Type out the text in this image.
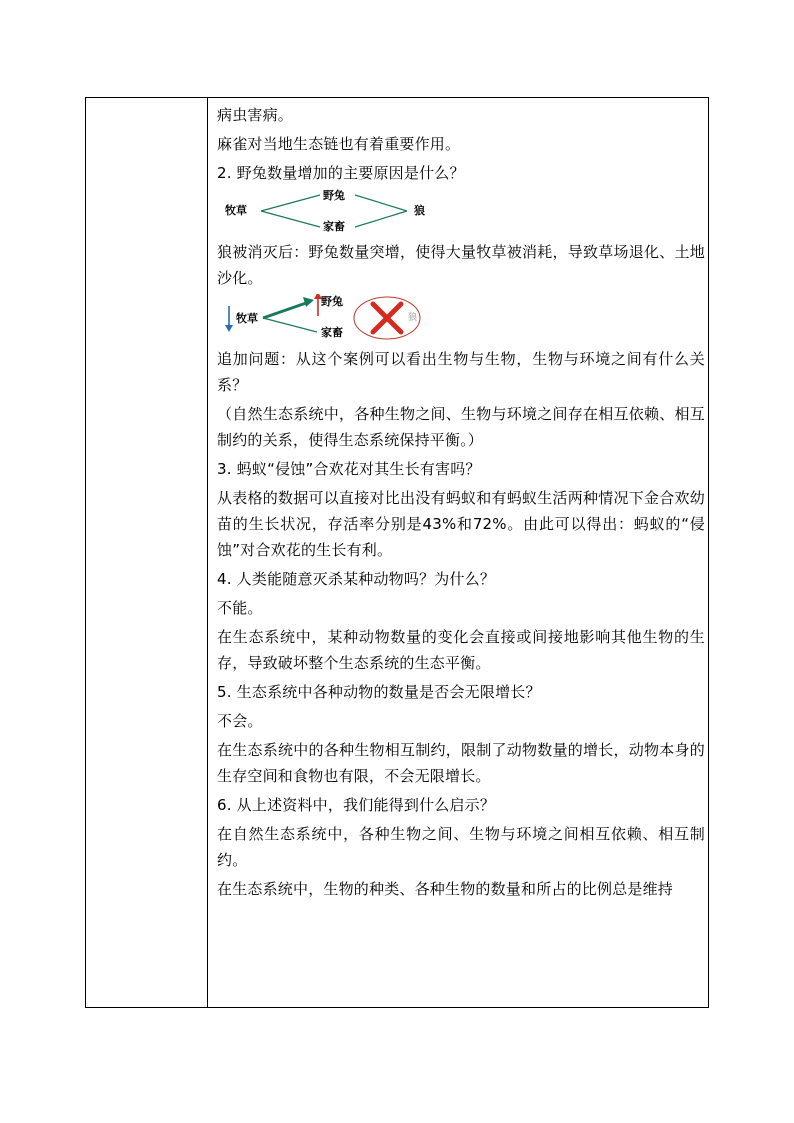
病虫害病。

麻雀对当地生态链也有着重要作用。

2. 野兔数量增加的主要原因是什么？

牧草
野兔
家畜
狼

狼被消灭后：野兔数量突增，使得大量牧草被消耗，导致草场退化、土地沙化。

牧草
野兔
家畜
狼

追加问题：从这个案例可以看出生物与生物，生物与环境之间有什么关系？

（自然生态系统中，各种生物之间、生物与环境之间存在相互依赖、相互制约的关系，使得生态系统保持平衡。）

3. 蚂蚁“侵蚀”合欢花对其生长有害吗？

从表格的数据可以直接对比出没有蚂蚁和有蚂蚁生活两种情况下金合欢幼苗的生长状况，存活率分别是43%和72%。由此可以得出：蚂蚁的“侵蚀”对合欢花的生长有利。

4. 人类能随意灭杀某种动物吗？为什么？

不能。

在生态系统中，某种动物数量的变化会直接或间接地影响其他生物的生存，导致破坏整个生态系统的生态平衡。

5. 生态系统中各种动物的数量是否会无限增长？

不会。

在生态系统中的各种生物相互制约，限制了动物数量的增长，动物本身的生存空间和食物也有限，不会无限增长。

6. 从上述资料中，我们能得到什么启示？

在自然生态系统中，各种生物之间、生物与环境之间相互依赖、相互制约。

在生态系统中，生物的种类、各种生物的数量和所占的比例总是维持
